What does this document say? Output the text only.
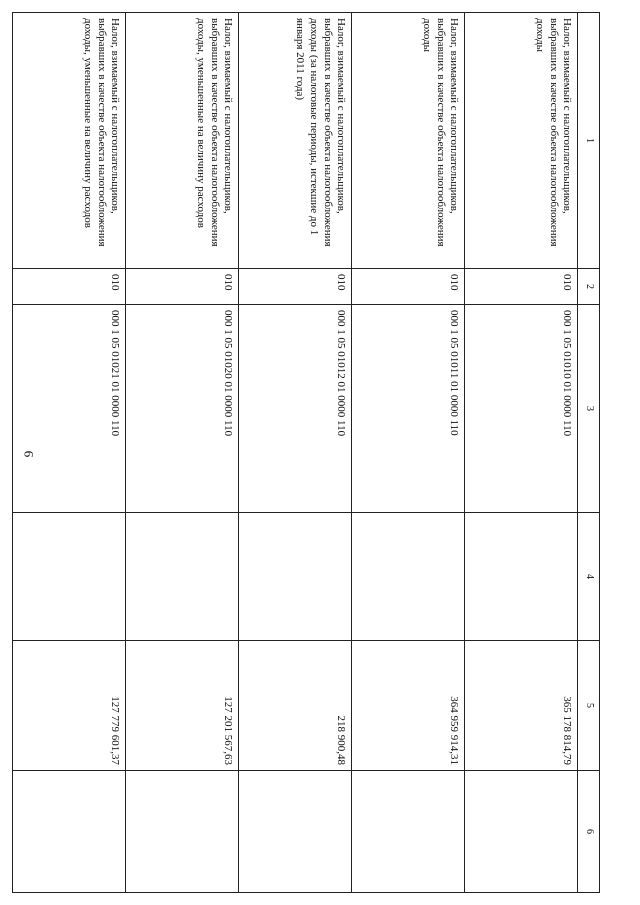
9
1	2	3	4	5	6
Налог, взимаемый с налогоплательщиков, выбравших в качестве объекта налогообложения доходы	010	000 1 05 01010 01 0000 110		365 178 814,79	
Налог, взимаемый с налогоплательщиков, выбравших в качестве объекта налогообложения доходы	010	000 1 05 01011 01 0000 110		364 959 914,31	
Налог, взимаемый с налогоплательщиков, выбравших в качестве объекта налогообложения доходы (за налоговые периоды, истекшие до 1 января 2011 года)	010	000 1 05 01012 01 0000 110		218 900,48	
Налог, взимаемый с налогоплательщиков, выбравших в качестве объекта налогообложения доходы, уменьшенные на величину расходов	010	000 1 05 01020 01 0000 110		127 201 567,63	
Налог, взимаемый с налогоплательщиков, выбравших в качестве объекта налогообложения доходы, уменьшенные на величину расходов	010	000 1 05 01021 01 0000 110		127 779 601,37	
